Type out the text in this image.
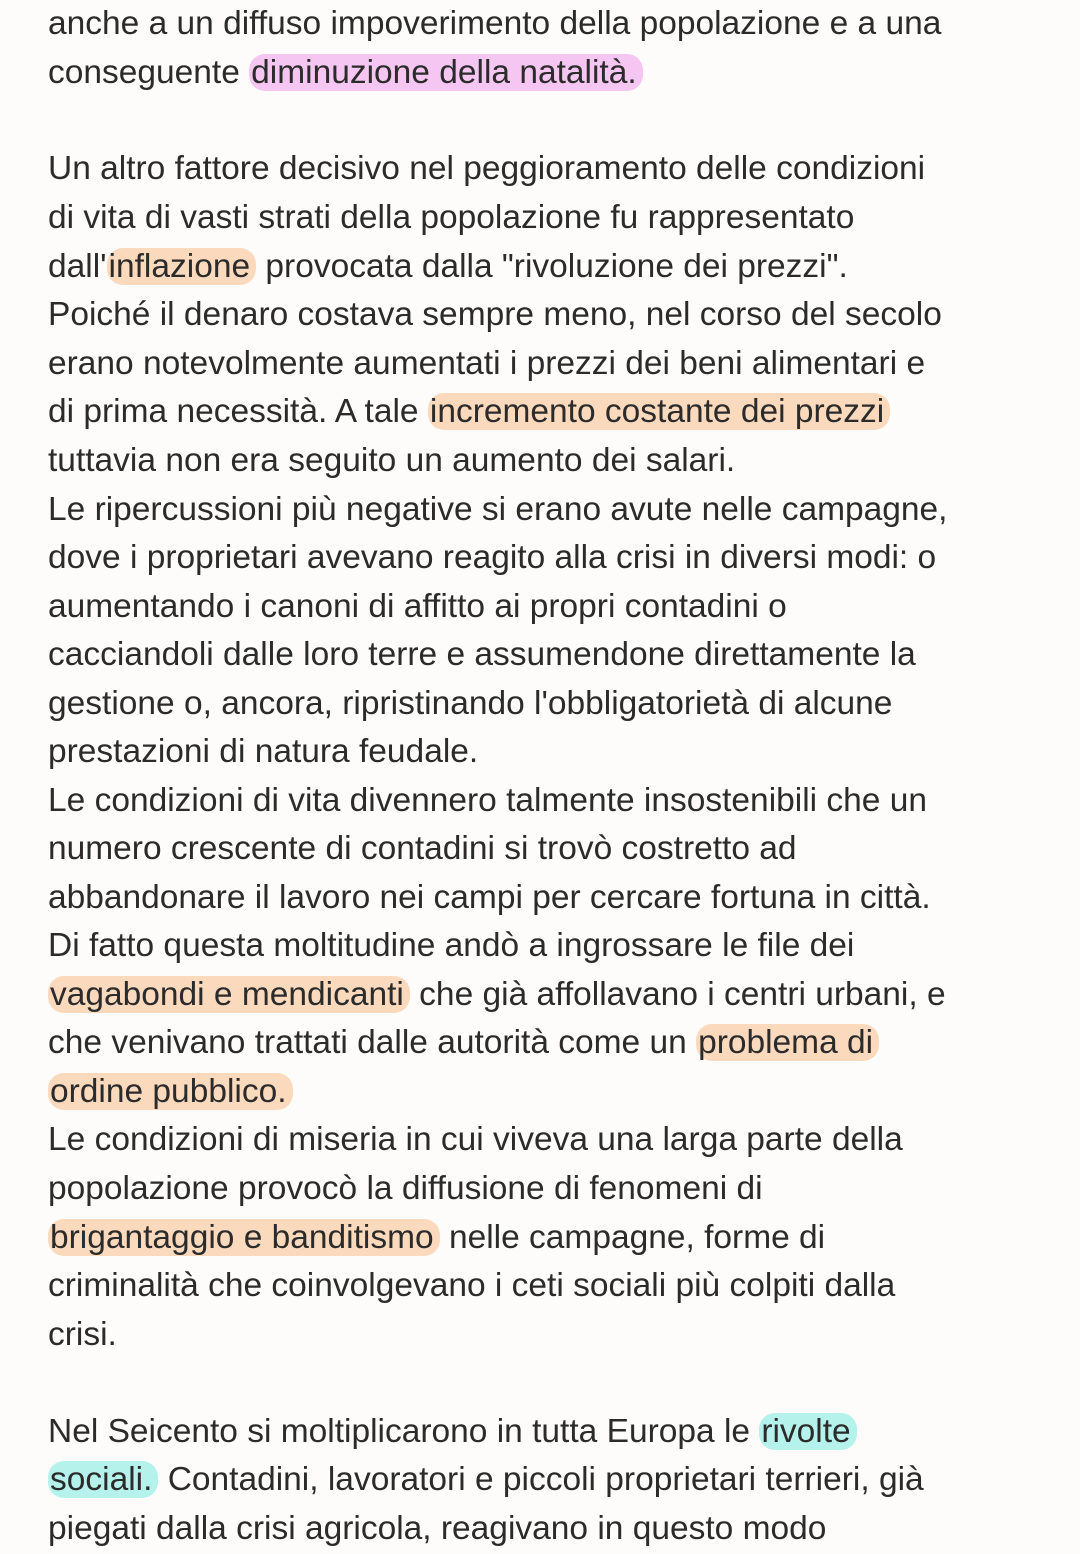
anche a un diffuso impoverimento della popolazione e a una
conseguente diminuzione della natalità.
Un altro fattore decisivo nel peggioramento delle condizioni
di vita di vasti strati della popolazione fu rappresentato
dall'inflazione provocata dalla "rivoluzione dei prezzi".
Poiché il denaro costava sempre meno, nel corso del secolo
erano notevolmente aumentati i prezzi dei beni alimentari e
di prima necessità. A tale incremento costante dei prezzi
tuttavia non era seguito un aumento dei salari.
Le ripercussioni più negative si erano avute nelle campagne,
dove i proprietari avevano reagito alla crisi in diversi modi: o
aumentando i canoni di affitto ai propri contadini o
cacciandoli dalle loro terre e assumendone direttamente la
gestione o, ancora, ripristinando l'obbligatorietà di alcune
prestazioni di natura feudale.
Le condizioni di vita divennero talmente insostenibili che un
numero crescente di contadini si trovò costretto ad
abbandonare il lavoro nei campi per cercare fortuna in città.
Di fatto questa moltitudine andò a ingrossare le file dei
vagabondi e mendicanti che già affollavano i centri urbani, e
che venivano trattati dalle autorità come un problema di
ordine pubblico.
Le condizioni di miseria in cui viveva una larga parte della
popolazione provocò la diffusione di fenomeni di
brigantaggio e banditismo nelle campagne, forme di
criminalità che coinvolgevano i ceti sociali più colpiti dalla
crisi.
Nel Seicento si moltiplicarono in tutta Europa le rivolte
sociali. Contadini, lavoratori e piccoli proprietari terrieri, già
piegati dalla crisi agricola, reagivano in questo modo
